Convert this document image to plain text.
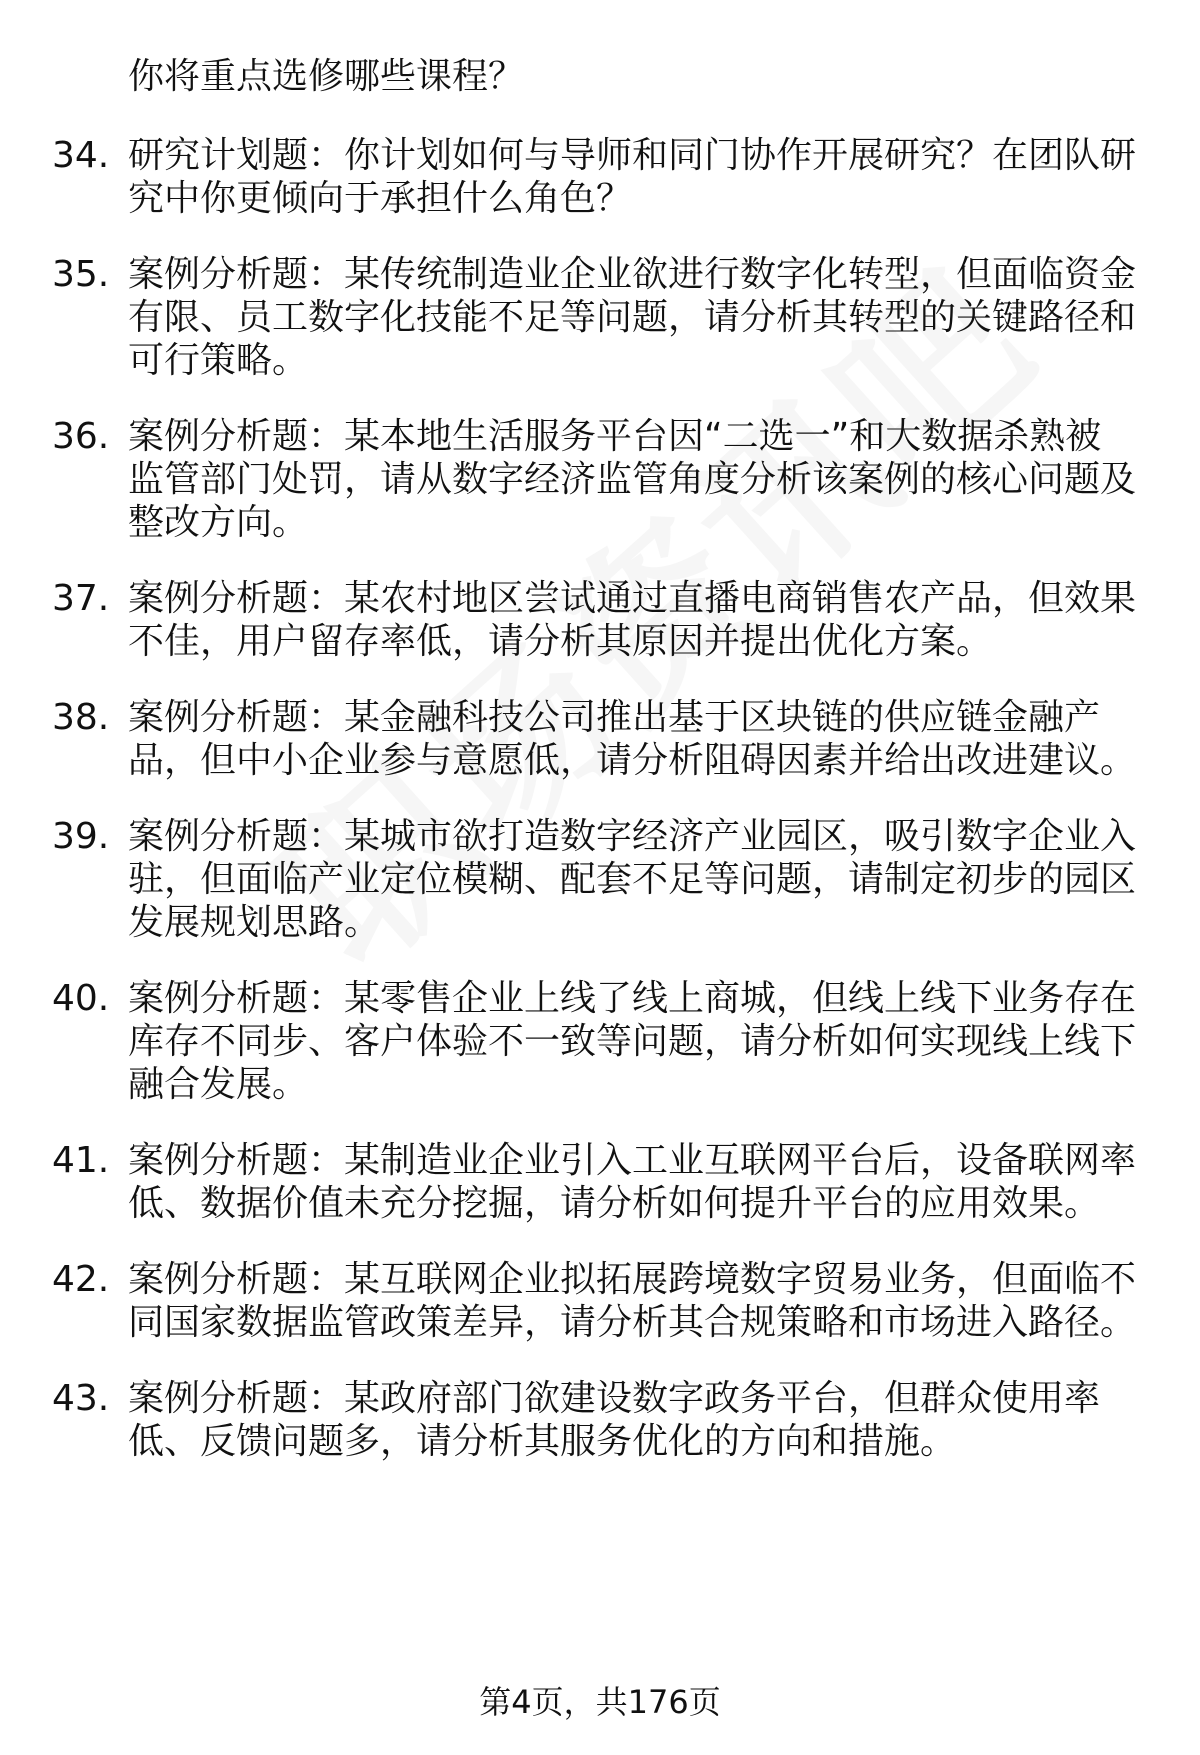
你将重点选修哪些课程？
34. 研究计划题：你计划如何与导师和同门协作开展研究？在团队研
究中你更倾向于承担什么角色？
35. 案例分析题：某传统制造业企业欲进行数字化转型，但面临资金
有限、员工数字化技能不足等问题，请分析其转型的关键路径和
可行策略。
36. 案例分析题：某本地生活服务平台因“二选一”和大数据杀熟被
监管部门处罚，请从数字经济监管角度分析该案例的核心问题及
整改方向。
37. 案例分析题：某农村地区尝试通过直播电商销售农产品，但效果
不佳，用户留存率低，请分析其原因并提出优化方案。
38. 案例分析题：某金融科技公司推出基于区块链的供应链金融产
品，但中小企业参与意愿低，请分析阻碍因素并给出改进建议。
39. 案例分析题：某城市欲打造数字经济产业园区，吸引数字企业入
驻，但面临产业定位模糊、配套不足等问题，请制定初步的园区
发展规划思路。
40. 案例分析题：某零售企业上线了线上商城，但线上线下业务存在
库存不同步、客户体验不一致等问题，请分析如何实现线上线下
融合发展。
41. 案例分析题：某制造业企业引入工业互联网平台后，设备联网率
低、数据价值未充分挖掘，请分析如何提升平台的应用效果。
42. 案例分析题：某互联网企业拟拓展跨境数字贸易业务，但面临不
同国家数据监管政策差异，请分析其合规策略和市场进入路径。
43. 案例分析题：某政府部门欲建设数字政务平台，但群众使用率
低、反馈问题多，请分析其服务优化的方向和措施。
第4页，共176页
